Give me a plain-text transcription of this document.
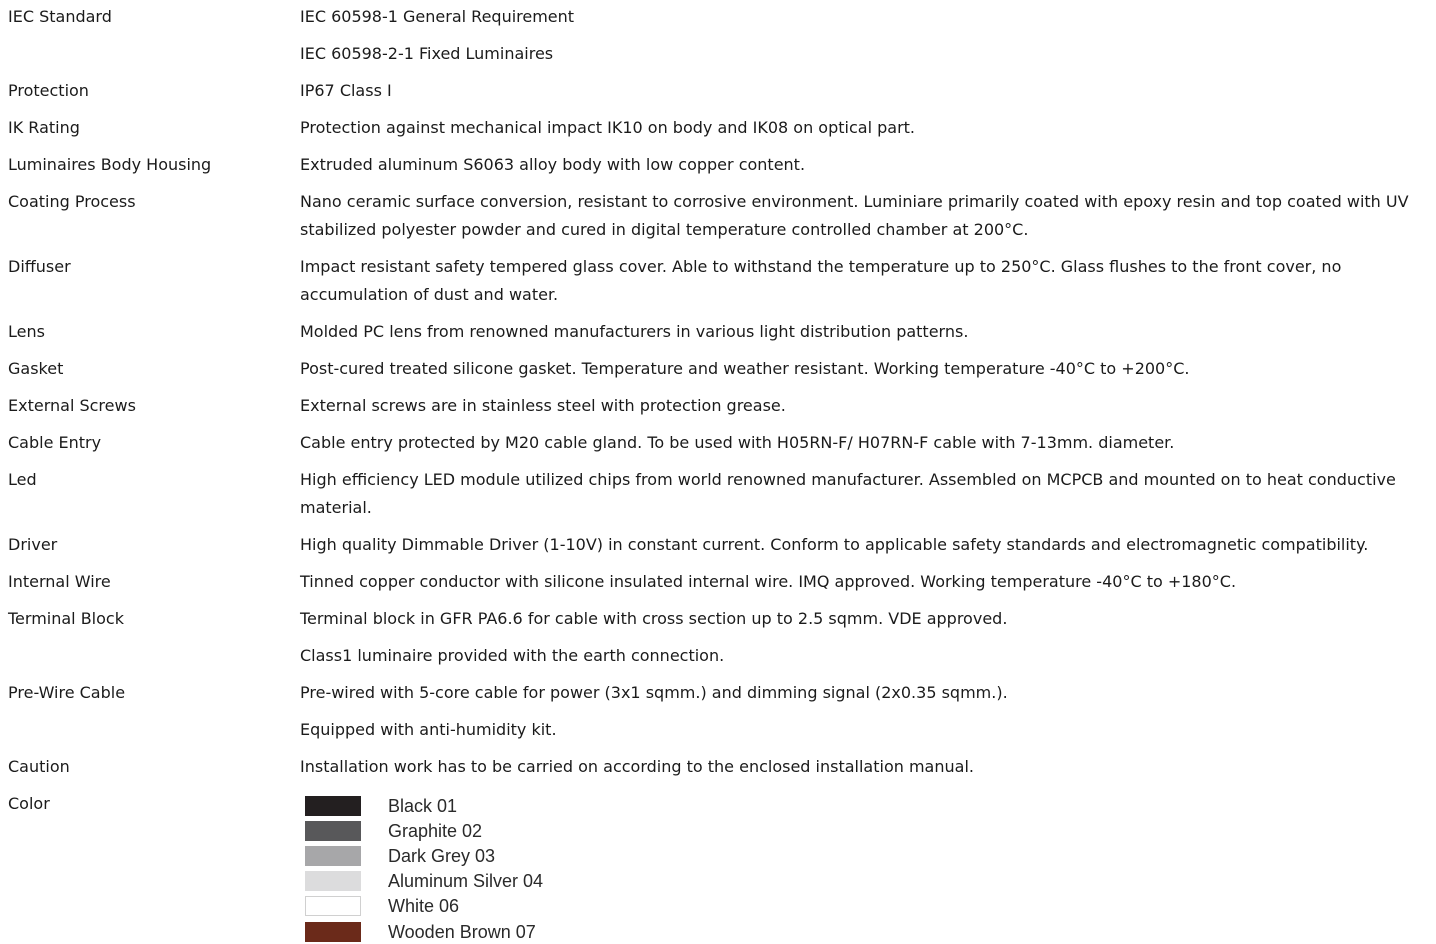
IEC Standard	IEC 60598-1 General Requirement
IEC 60598-2-1 Fixed Luminaires
Protection	IP67 Class I
IK Rating	Protection against mechanical impact IK10 on body and IK08 on optical part.
Luminaires Body Housing	Extruded aluminum S6063 alloy body with low copper content.
Coating Process	Nano ceramic surface conversion, resistant to corrosive environment. Luminiare primarily coated with epoxy resin and top coated with UV stabilized polyester powder and cured in digital temperature controlled chamber at 200°C.
Diffuser	Impact resistant safety tempered glass cover. Able to withstand the temperature up to 250°C. Glass flushes to the front cover, no accumulation of dust and water.
Lens	Molded PC lens from renowned manufacturers in various light distribution patterns.
Gasket	Post-cured treated silicone gasket. Temperature and weather resistant. Working temperature -40°C to +200°C.
External Screws	External screws are in stainless steel with protection grease.
Cable Entry	Cable entry protected by M20 cable gland. To be used with H05RN-F/ H07RN-F cable with 7-13mm. diameter.
Led	High efficiency LED module utilized chips from world renowned manufacturer. Assembled on MCPCB and mounted on to heat conductive material.
Driver	High quality Dimmable Driver (1-10V) in constant current. Conform to applicable safety standards and electromagnetic compatibility.
Internal Wire	Tinned copper conductor with silicone insulated internal wire. IMQ approved. Working temperature -40°C to +180°C.
Terminal Block	Terminal block in GFR PA6.6 for cable with cross section up to 2.5 sqmm. VDE approved.
Class1 luminaire provided with the earth connection.
Pre-Wire Cable	Pre-wired with 5-core cable for power (3x1 sqmm.) and dimming signal (2x0.35 sqmm.).
Equipped with anti-humidity kit.
Caution	Installation work has to be carried on according to the enclosed installation manual.
Color	Black 01
Graphite 02
Dark Grey 03
Aluminum Silver 04
White 06
Wooden Brown 07
